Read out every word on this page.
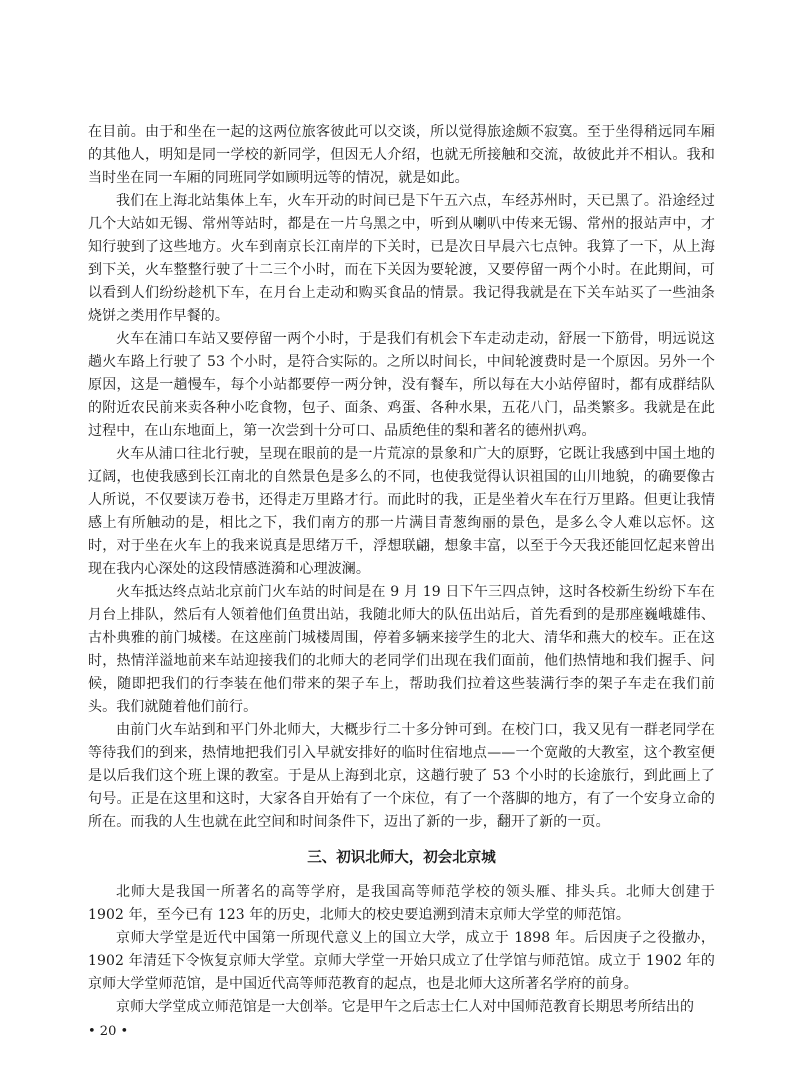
在目前。由于和坐在一起的这两位旅客彼此可以交谈，所以觉得旅途颇不寂寞。至于坐得稍远同车厢的其他人，明知是同一学校的新同学，但因无人介绍，也就无所接触和交流，故彼此并不相认。我和当时坐在同一车厢的同班同学如顾明远等的情况，就是如此。

我们在上海北站集体上车，火车开动的时间已是下午五六点，车经苏州时，天已黑了。沿途经过几个大站如无锡、常州等站时，都是在一片乌黑之中，听到从喇叭中传来无锡、常州的报站声中，才知行驶到了这些地方。火车到南京长江南岸的下关时，已是次日早晨六七点钟。我算了一下，从上海到下关，火车整整行驶了十二三个小时，而在下关因为要轮渡，又要停留一两个小时。在此期间，可以看到人们纷纷趁机下车，在月台上走动和购买食品的情景。我记得我就是在下关车站买了一些油条烧饼之类用作早餐的。

火车在浦口车站又要停留一两个小时，于是我们有机会下车走动走动，舒展一下筋骨，明远说这趟火车路上行驶了 53 个小时，是符合实际的。之所以时间长，中间轮渡费时是一个原因。另外一个原因，这是一趟慢车，每个小站都要停一两分钟，没有餐车，所以每在大小站停留时，都有成群结队的附近农民前来卖各种小吃食物，包子、面条、鸡蛋、各种水果，五花八门，品类繁多。我就是在此过程中，在山东地面上，第一次尝到十分可口、品质绝佳的梨和著名的德州扒鸡。

火车从浦口往北行驶，呈现在眼前的是一片荒凉的景象和广大的原野，它既让我感到中国土地的辽阔，也使我感到长江南北的自然景色是多么的不同，也使我觉得认识祖国的山川地貌，的确要像古人所说，不仅要读万卷书，还得走万里路才行。而此时的我，正是坐着火车在行万里路。但更让我情感上有所触动的是，相比之下，我们南方的那一片满目青葱绚丽的景色，是多么令人难以忘怀。这时，对于坐在火车上的我来说真是思绪万千，浮想联翩，想象丰富，以至于今天我还能回忆起来曾出现在我内心深处的这段情感涟漪和心理波澜。

火车抵达终点站北京前门火车站的时间是在 9 月 19 日下午三四点钟，这时各校新生纷纷下车在月台上排队，然后有人领着他们鱼贯出站，我随北师大的队伍出站后，首先看到的是那座巍峨雄伟、古朴典雅的前门城楼。在这座前门城楼周围，停着多辆来接学生的北大、清华和燕大的校车。正在这时，热情洋溢地前来车站迎接我们的北师大的老同学们出现在我们面前，他们热情地和我们握手、问候，随即把我们的行李装在他们带来的架子车上，帮助我们拉着这些装满行李的架子车走在我们前头。我们就随着他们前行。

由前门火车站到和平门外北师大，大概步行二十多分钟可到。在校门口，我又见有一群老同学在等待我们的到来，热情地把我们引入早就安排好的临时住宿地点——一个宽敞的大教室，这个教室便是以后我们这个班上课的教室。于是从上海到北京，这趟行驶了 53 个小时的长途旅行，到此画上了句号。正是在这里和这时，大家各自开始有了一个床位，有了一个落脚的地方，有了一个安身立命的所在。而我的人生也就在此空间和时间条件下，迈出了新的一步，翻开了新的一页。

三、初识北师大，初会北京城

北师大是我国一所著名的高等学府，是我国高等师范学校的领头雁、排头兵。北师大创建于 1902 年，至今已有 123 年的历史，北师大的校史要追溯到清末京师大学堂的师范馆。

京师大学堂是近代中国第一所现代意义上的国立大学，成立于 1898 年。后因庚子之役撤办，1902 年清廷下令恢复京师大学堂。京师大学堂一开始只成立了仕学馆与师范馆。成立于 1902 年的京师大学堂师范馆，是中国近代高等师范教育的起点，也是北师大这所著名学府的前身。

京师大学堂成立师范馆是一大创举。它是甲午之后志士仁人对中国师范教育长期思考所结出的

• 20 •
